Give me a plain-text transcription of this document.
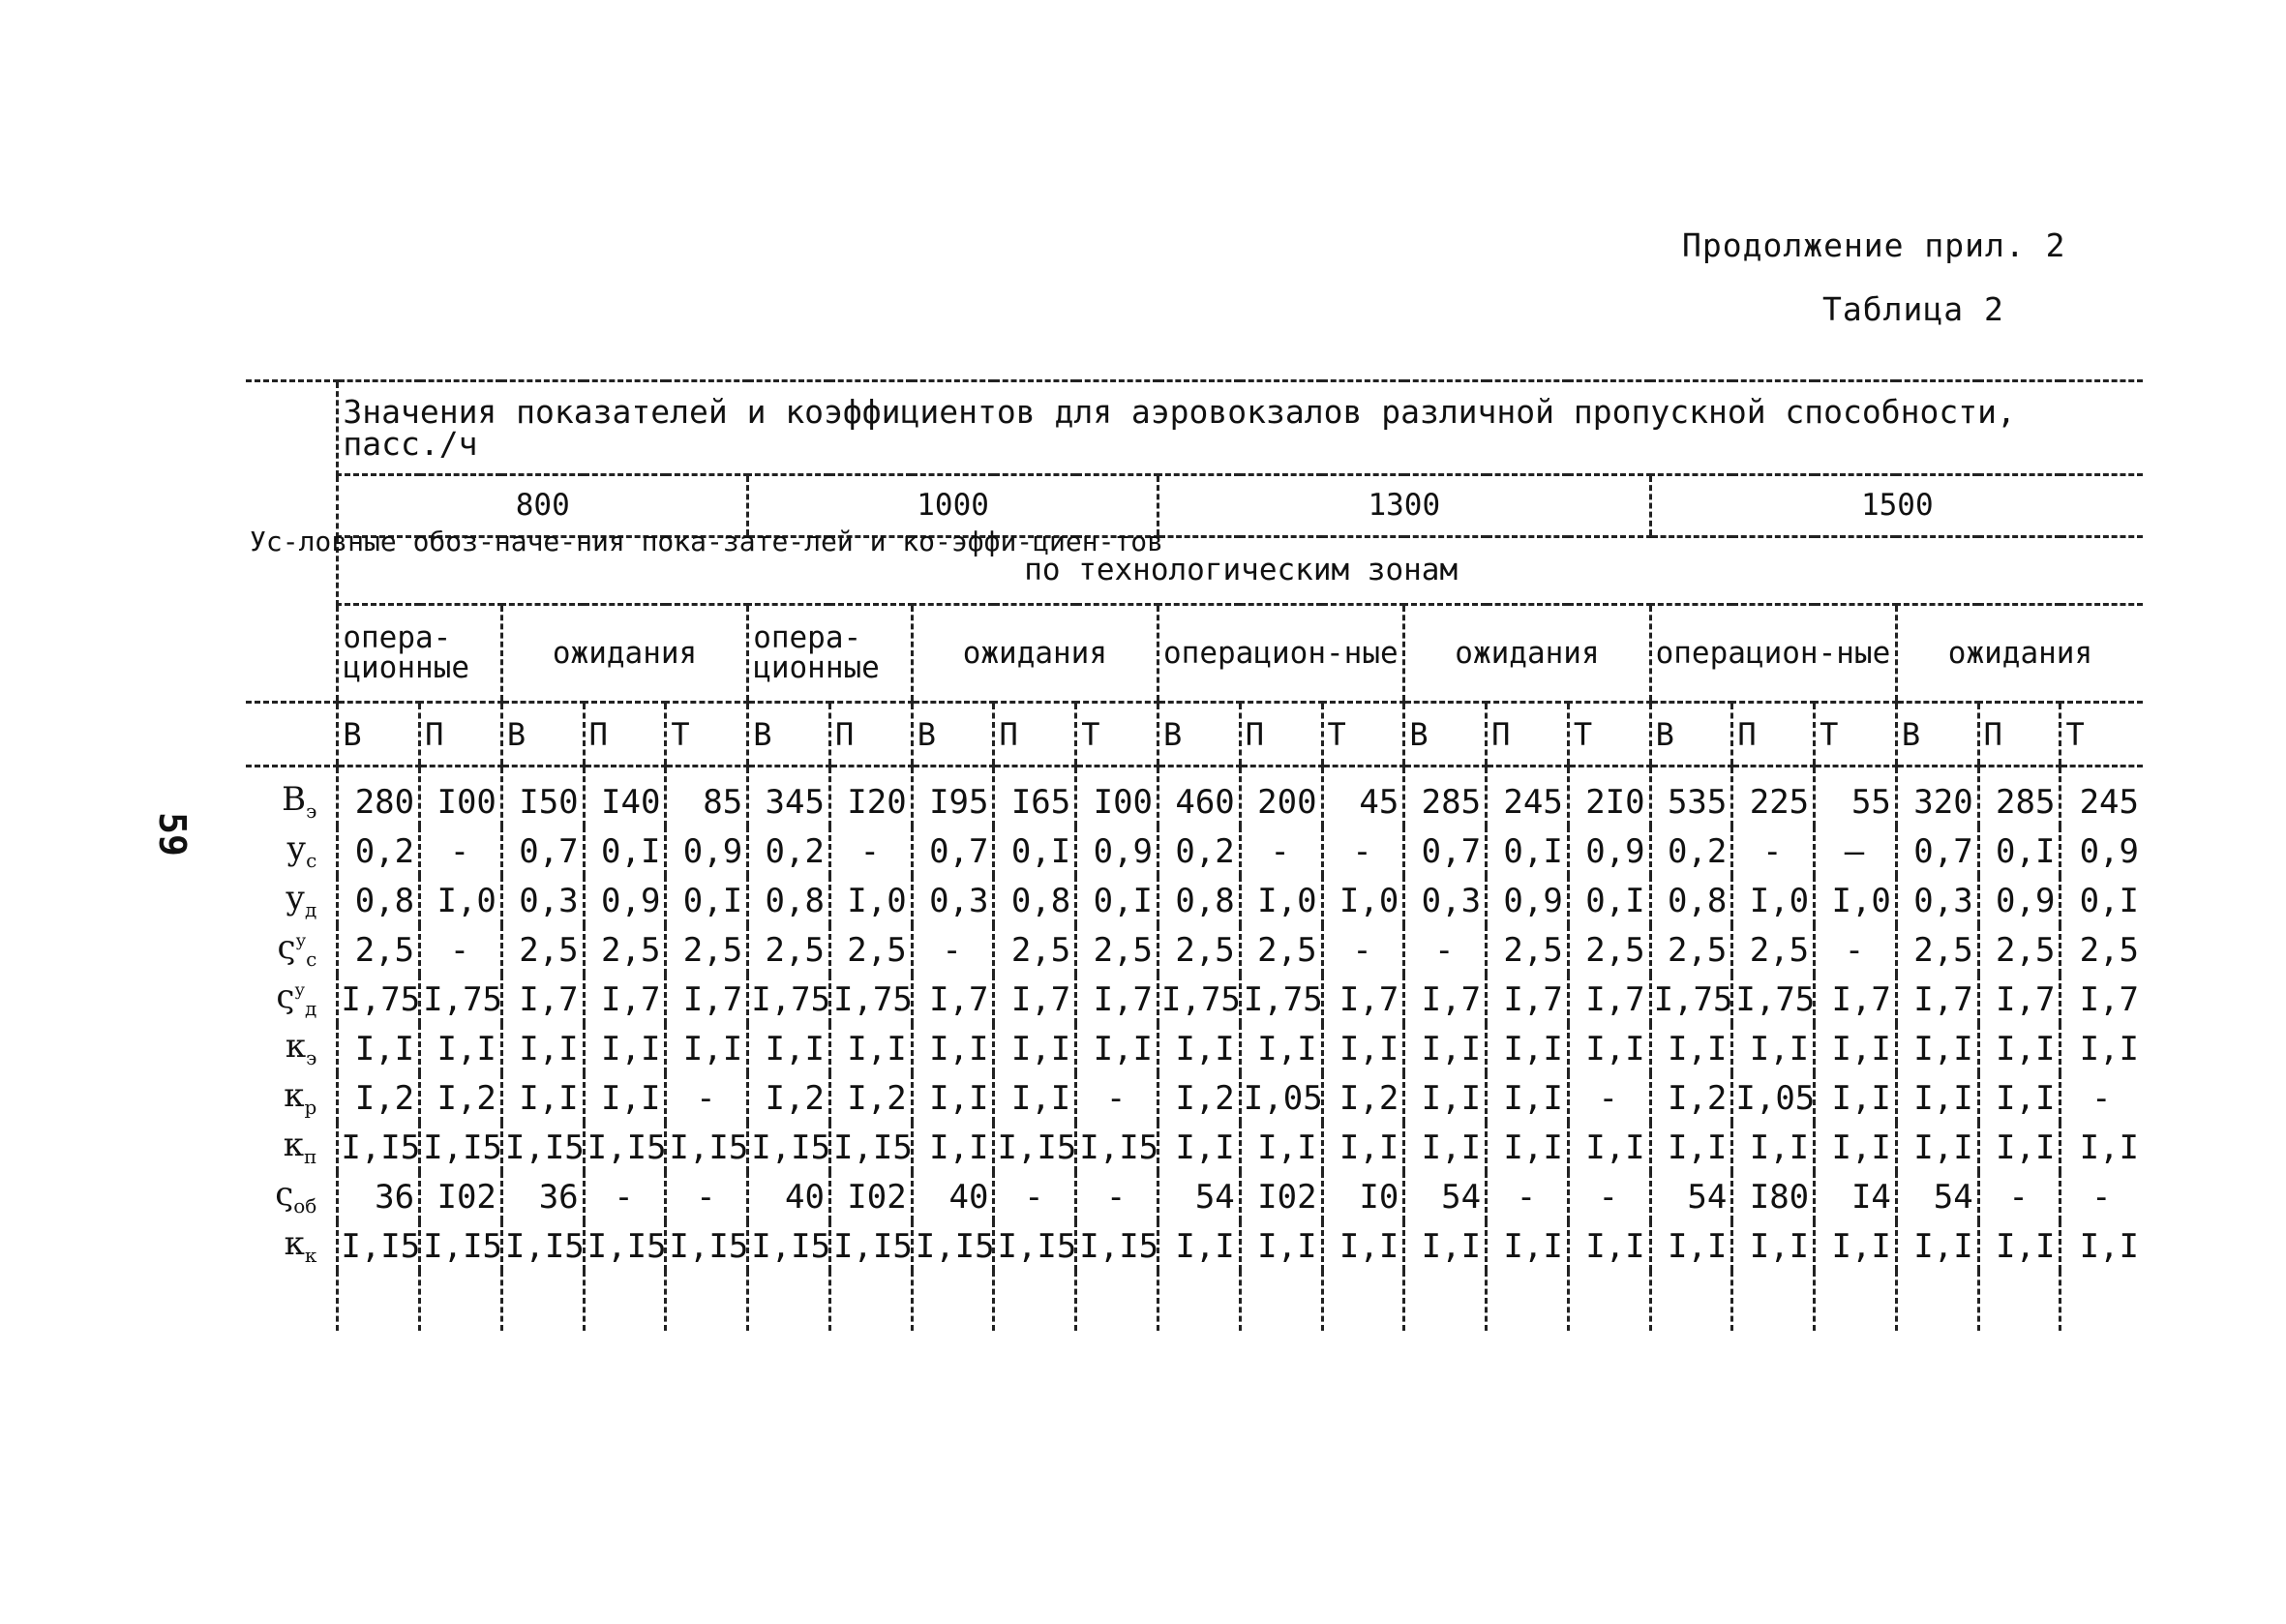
Продолжение прил. 2
Таблица 2
59
Ус-ловные обоз-наче-ния пока-зате-лей и ко-эффи-циен-тов	Значения показателей и коэффициентов для аэровокзалов различной пропускной способности, пасс./ч																					
	800					1000					1300						1500					
	по технологическим зонам																					
	опера-ционные		ожидания			опера-ционные		ожидания			операцион-ные			ожидания			операцион-ные			ожидания		
	В	П	В	П	Т	В	П	В	П	Т	В	П	Т	В	П	Т	В	П	Т	В	П	Т
$В_э$	280	I00	I50	I40	85	345	I20	I95	I65	I00	460	200	45	285	245	2I0	535	225	55	320	285	245
$у_с$	0,2	-	0,7	0,I	0,9	0,2	-	0,7	0,I	0,9	0,2	-	-	0,7	0,I	0,9	0,2	-	—	0,7	0,I	0,9
$у_д$	0,8	I,0	0,3	0,9	0,I	0,8	I,0	0,3	0,8	0,I	0,8	I,0	I,0	0,3	0,9	0,I	0,8	I,0	I,0	0,3	0,9	0,I
$\varsigma^у_с$	2,5	-	2,5	2,5	2,5	2,5	2,5	-	2,5	2,5	2,5	2,5	-	-	2,5	2,5	2,5	2,5	-	2,5	2,5	2,5
$\varsigma^у_д$	I,75	I,75	I,7	I,7	I,7	I,75	I,75	I,7	I,7	I,7	I,75	I,75	I,7	I,7	I,7	I,7	I,75	I,75	I,7	I,7	I,7	I,7
$к_э$	I,I	I,I	I,I	I,I	I,I	I,I	I,I	I,I	I,I	I,I	I,I	I,I	I,I	I,I	I,I	I,I	I,I	I,I	I,I	I,I	I,I	I,I
$к_р$	I,2	I,2	I,I	I,I	-	I,2	I,2	I,I	I,I	-	I,2	I,05	I,2	I,I	I,I	-	I,2	I,05	I,I	I,I	I,I	-
$к_п$	I,I5	I,I5	I,I5	I,I5	I,I5	I,I5	I,I5	I,I	I,I5	I,I5	I,I	I,I	I,I	I,I	I,I	I,I	I,I	I,I	I,I	I,I	I,I	I,I
$\varsigma_{об}$	36	I02	36	-	-	40	I02	40	-	-	54	I02	I0	54	-	-	54	I80	I4	54	-	-
$к_к$	I,I5	I,I5	I,I5	I,I5	I,I5	I,I5	I,I5	I,I5	I,I5	I,I5	I,I	I,I	I,I	I,I	I,I	I,I	I,I	I,I	I,I	I,I	I,I	I,I
